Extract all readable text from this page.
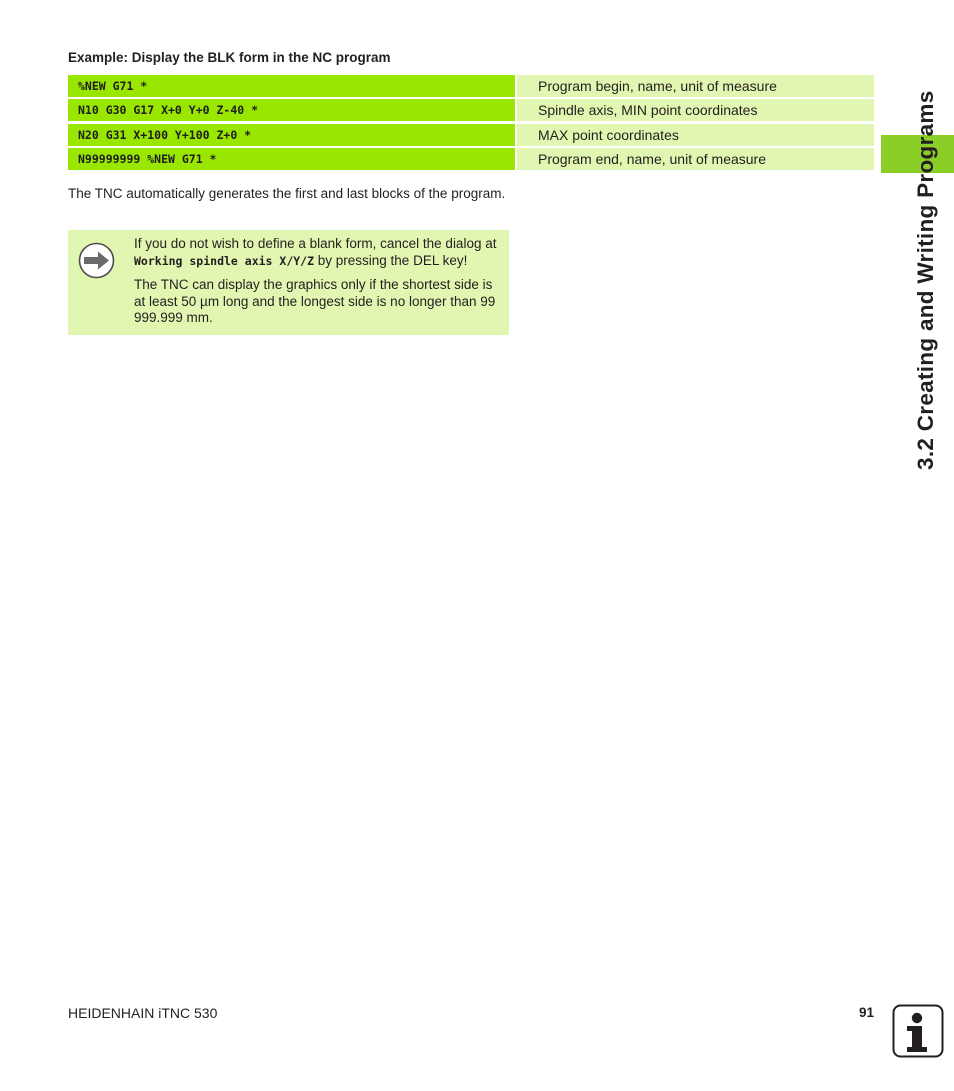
Example: Display the BLK form in the NC program
%NEW G71 *	Program begin, name, unit of measure
N10 G30 G17 X+0 Y+0 Z-40 *	Spindle axis, MIN point coordinates
N20 G31 X+100 Y+100 Z+0 *	MAX point coordinates
N99999999 %NEW G71 *	Program end, name, unit of measure
The TNC automatically generates the first and last blocks of the program.

If you do not wish to define a blank form, cancel the dialog at Working spindle axis X/Y/Z by pressing the DEL key!

The TNC can display the graphics only if the shortest side is at least 50 µm long and the longest side is no longer than 99 999.999 mm.	3.2 Creating and Writing Programs
HEIDENHAIN iTNC 530	91
